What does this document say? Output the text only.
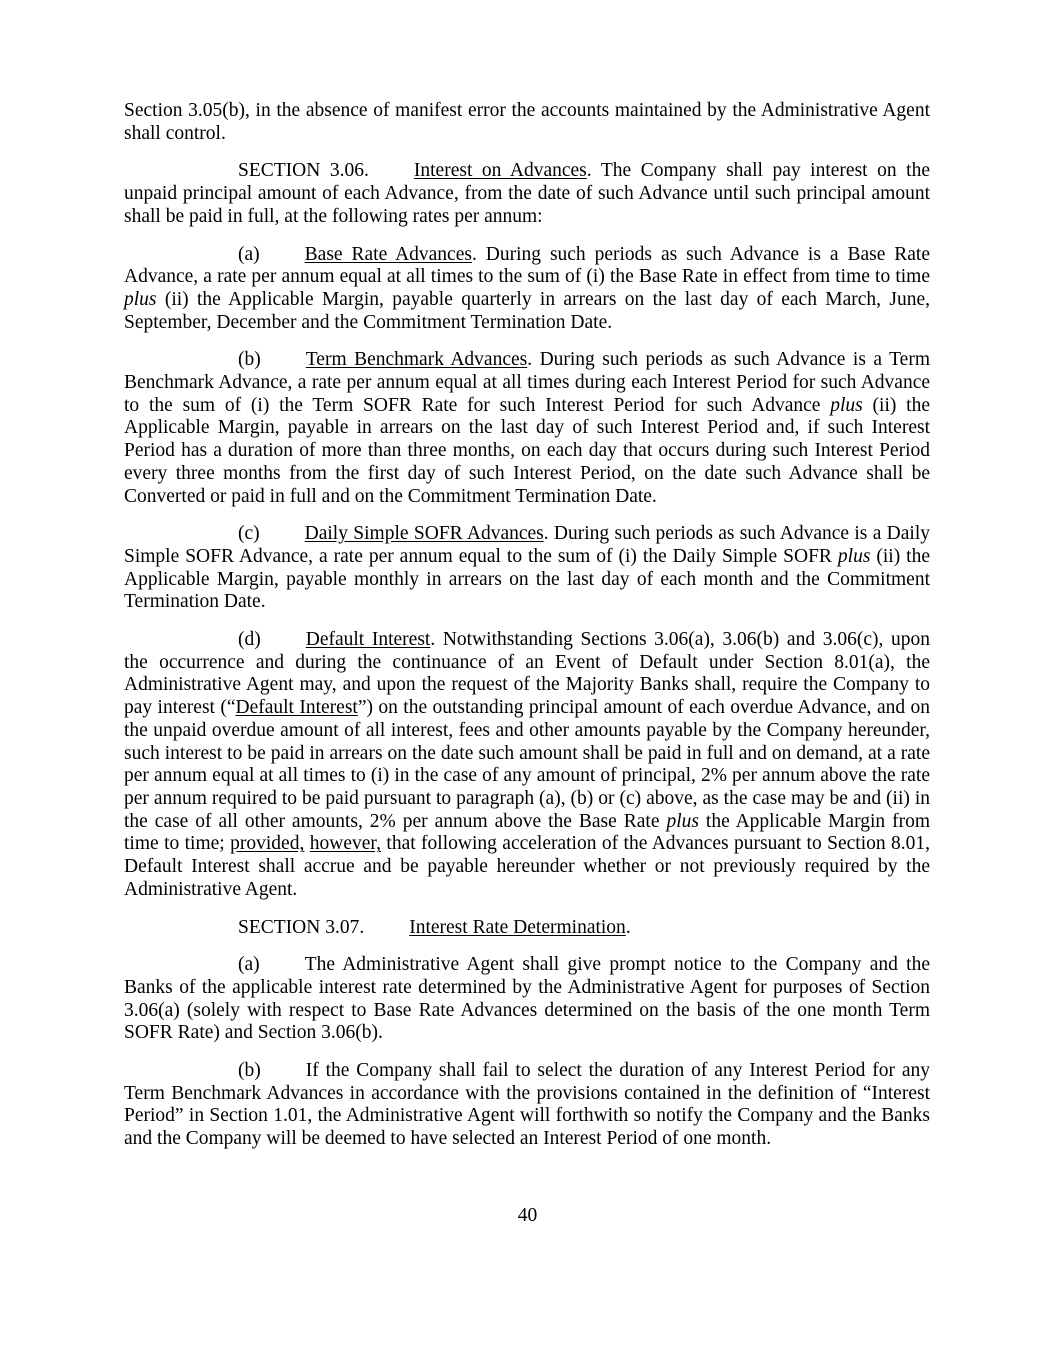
Section 3.05(b), in the absence of manifest error the accounts maintained by the Administrative Agent shall control.

SECTION 3.06. Interest on Advances. The Company shall pay interest on the unpaid principal amount of each Advance, from the date of such Advance until such principal amount shall be paid in full, at the following rates per annum:

(a) Base Rate Advances. During such periods as such Advance is a Base Rate Advance, a rate per annum equal at all times to the sum of (i) the Base Rate in effect from time to time plus (ii) the Applicable Margin, payable quarterly in arrears on the last day of each March, June, September, December and the Commitment Termination Date.

(b) Term Benchmark Advances. During such periods as such Advance is a Term Benchmark Advance, a rate per annum equal at all times during each Interest Period for such Advance to the sum of (i) the Term SOFR Rate for such Interest Period for such Advance plus (ii) the Applicable Margin, payable in arrears on the last day of such Interest Period and, if such Interest Period has a duration of more than three months, on each day that occurs during such Interest Period every three months from the first day of such Interest Period, on the date such Advance shall be Converted or paid in full and on the Commitment Termination Date.

(c) Daily Simple SOFR Advances. During such periods as such Advance is a Daily Simple SOFR Advance, a rate per annum equal to the sum of (i) the Daily Simple SOFR plus (ii) the Applicable Margin, payable monthly in arrears on the last day of each month and the Commitment Termination Date.

(d) Default Interest. Notwithstanding Sections 3.06(a), 3.06(b) and 3.06(c), upon the occurrence and during the continuance of an Event of Default under Section 8.01(a), the Administrative Agent may, and upon the request of the Majority Banks shall, require the Company to pay interest (“Default Interest”) on the outstanding principal amount of each overdue Advance, and on the unpaid overdue amount of all interest, fees and other amounts payable by the Company hereunder, such interest to be paid in arrears on the date such amount shall be paid in full and on demand, at a rate per annum equal at all times to (i) in the case of any amount of principal, 2% per annum above the rate per annum required to be paid pursuant to paragraph (a), (b) or (c) above, as the case may be and (ii) in the case of all other amounts, 2% per annum above the Base Rate plus the Applicable Margin from time to time; provided, however, that following acceleration of the Advances pursuant to Section 8.01, Default Interest shall accrue and be payable hereunder whether or not previously required by the Administrative Agent.

SECTION 3.07. Interest Rate Determination.

(a) The Administrative Agent shall give prompt notice to the Company and the Banks of the applicable interest rate determined by the Administrative Agent for purposes of Section 3.06(a) (solely with respect to Base Rate Advances determined on the basis of the one month Term SOFR Rate) and Section 3.06(b).

(b) If the Company shall fail to select the duration of any Interest Period for any Term Benchmark Advances in accordance with the provisions contained in the definition of “Interest Period” in Section 1.01, the Administrative Agent will forthwith so notify the Company and the Banks and the Company will be deemed to have selected an Interest Period of one month.

40
